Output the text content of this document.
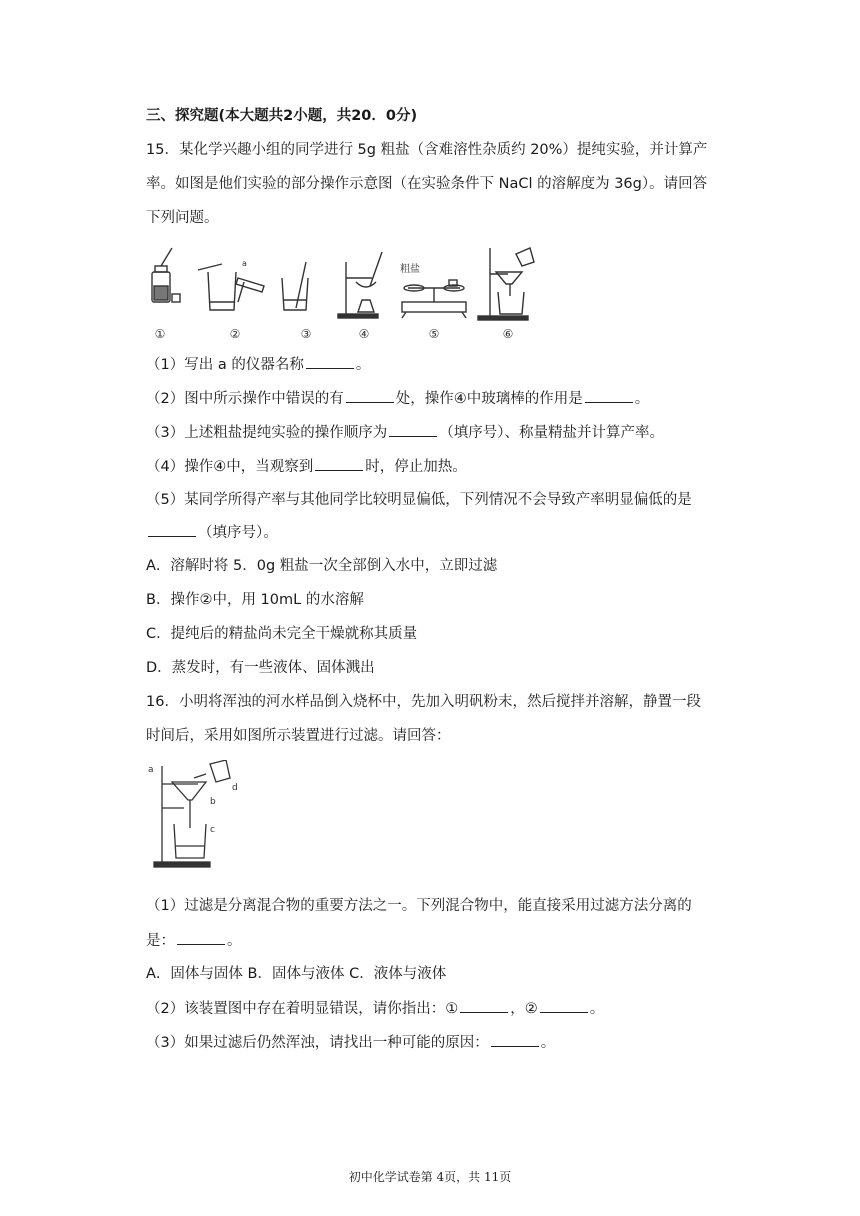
三、探究题(本大题共2小题，共20．0分)
15．某化学兴趣小组的同学进行 5g 粗盐（含难溶性杂质约 20%）提纯实验，并计算产
率。如图是他们实验的部分操作示意图（在实验条件下 NaCl 的溶解度为 36g）。请回答
下列问题。
a
粗盐
①	②	③	④	⑤	⑥
（1）写出 a 的仪器名称	。
（2）图中所示操作中错误的有	处，操作④中玻璃棒的作用是	。
（3）上述粗盐提纯实验的操作顺序为	（填序号）、称量精盐并计算产率。
（4）操作④中，当观察到	时，停止加热。
（5）某同学所得产率与其他同学比较明显偏低，下列情况不会导致产率明显偏低的是
（填序号）。
A．溶解时将 5．0g 粗盐一次全部倒入水中，立即过滤
B．操作②中，用 10mL 的水溶解
C．提纯后的精盐尚未完全干燥就称其质量
D．蒸发时，有一些液体、固体溅出
16．小明将浑浊的河水样品倒入烧杯中，先加入明矾粉末，然后搅拌并溶解，静置一段
时间后，采用如图所示装置进行过滤。请回答：
a
b
c
d
（1）过滤是分离混合物的重要方法之一。下列混合物中，能直接采用过滤方法分离的
是：	。
A．固体与固体 B．固体与液体 C．液体与液体
（2）该装置图中存在着明显错误，请你指出：①	，②	。
（3）如果过滤后仍然浑浊，请找出一种可能的原因：	。
初中化学试卷第 4页，共 11页
